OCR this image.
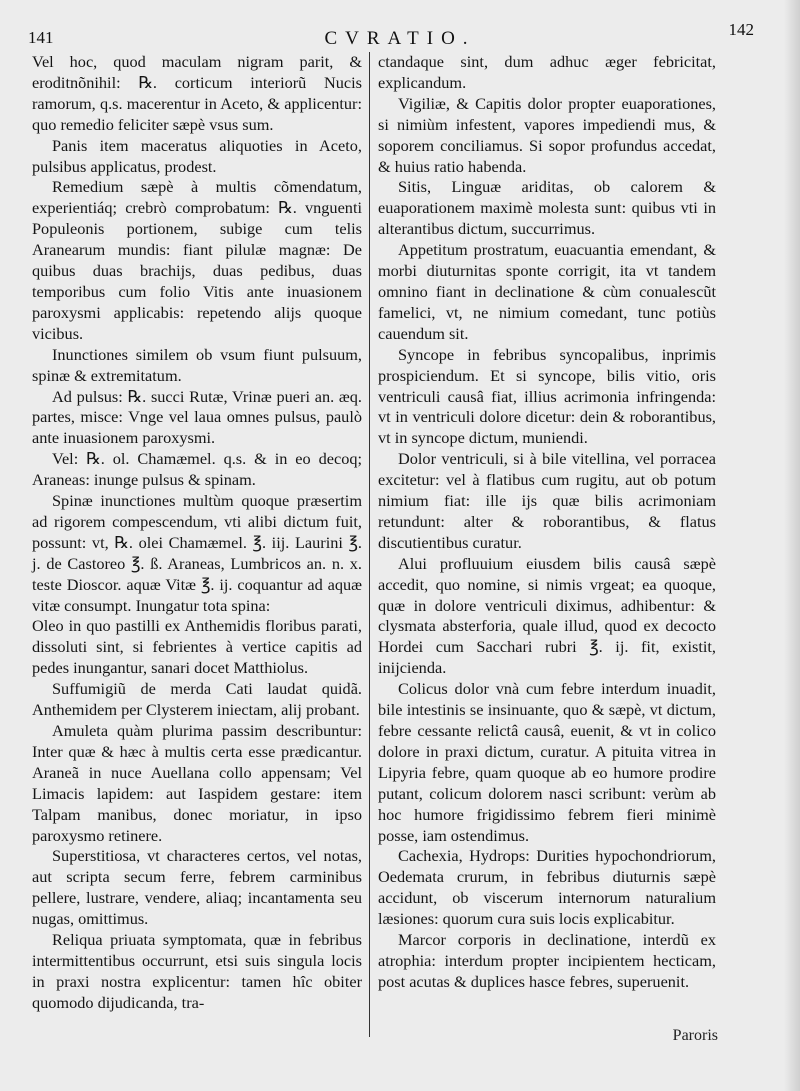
141	CVRATIO.	142

Vel hoc, quod maculam nigram parit, & eroditnõnihil: ℞. corticum interiorũ Nucis ramorum, q.s. macerentur in Aceto, & applicentur: quo remedio feliciter sæpè vsus sum.

Panis item maceratus aliquoties in Aceto, pulsibus applicatus, prodest.

Remedium sæpè à multis cõmendatum, experientiáq; crebrò comprobatum: ℞. vnguenti Populeonis portionem, subige cum telis Aranearum mundis: fiant pilulæ magnæ: De quibus duas brachijs, duas pedibus, duas temporibus cum folio Vitis ante inuasionem paroxysmi applicabis: repetendo alijs quoque vicibus.

Inunctiones similem ob vsum fiunt pulsuum, spinæ & extremitatum.

Ad pulsus: ℞. succi Rutæ, Vrinæ pueri an. æq. partes, misce: Vnge vel laua omnes pulsus, paulò ante inuasionem paroxysmi.

Vel: ℞. ol. Chamæmel. q.s. & in eo decoq; Araneas: inunge pulsus & spinam.

Spinæ inunctiones multùm quoque præsertim ad rigorem compescendum, vti alibi dictum fuit, possunt: vt, ℞. olei Chamæmel. ℥. iij. Laurini ℥. j. de Castoreo ℥. ß. Araneas, Lumbricos an. n. x. teste Dioscor. aquæ Vitæ ℥. ij. coquantur ad aquæ vitæ consumpt. Inungatur tota spina:

Oleo in quo pastilli ex Anthemidis floribus parati, dissoluti sint, si febrientes à vertice capitis ad pedes inungantur, sanari docet Matthiolus.

Suffumigiũ de merda Cati laudat quidã. Anthemidem per Clysterem iniectam, alij probant.

Amuleta quàm plurima passim describuntur: Inter quæ & hæc à multis certa esse prædicantur. Araneã in nuce Auellana collo appensam; Vel Limacis lapidem: aut Iaspidem gestare: item Talpam manibus, donec moriatur, in ipso paroxysmo retinere.

Superstitiosa, vt characteres certos, vel notas, aut scripta secum ferre, febrem carminibus pellere, lustrare, vendere, aliaq; incantamenta seu nugas, omittimus.

Reliqua priuata symptomata, quæ in febribus intermittentibus occurrunt, etsi suis singula locis in praxi nostra explicentur: tamen hîc obiter quomodo dijudicanda, tra-

ctandaque sint, dum adhuc æger febricitat, explicandum.

Vigiliæ, & Capitis dolor propter euaporationes, si nimiùm infestent, vapores impediendi mus, & soporem conciliamus. Si sopor profundus accedat, & huius ratio habenda.

Sitis, Linguæ ariditas, ob calorem & euaporationem maximè molesta sunt: quibus vti in alterantibus dictum, succurrimus.

Appetitum prostratum, euacuantia emendant, & morbi diuturnitas sponte corrigit, ita vt tandem omnino fiant in declinatione & cùm conualescũt famelici, vt, ne nimium comedant, tunc potiùs cauendum sit.

Syncope in febribus syncopalibus, inprimis prospiciendum. Et si syncope, bilis vitio, oris ventriculi causâ fiat, illius acrimonia infringenda: vt in ventriculi dolore dicetur: dein & roborantibus, vt in syncope dictum, muniendi.

Dolor ventriculi, si à bile vitellina, vel porracea excitetur: vel à flatibus cum rugitu, aut ob potum nimium fiat: ille ijs quæ bilis acrimoniam retundunt: alter & roborantibus, & flatus discutientibus curatur.

Alui profluuium eiusdem bilis causâ sæpè accedit, quo nomine, si nimis vrgeat; ea quoque, quæ in dolore ventriculi diximus, adhibentur: & clysmata absterforia, quale illud, quod ex decocto Hordei cum Sacchari rubri ℥. ij. fit, existit, inijcienda.

Colicus dolor vnà cum febre interdum inuadit, bile intestinis se insinuante, quo & sæpè, vt dictum, febre cessante relictâ causâ, euenit, & vt in colico dolore in praxi dictum, curatur. A pituita vitrea in Lipyria febre, quam quoque ab eo humore prodire putant, colicum dolorem nasci scribunt: verùm ab hoc humore frigidissimo febrem fieri minimè posse, iam ostendimus.

Cachexia, Hydrops: Durities hypochondriorum, Oedemata crurum, in febribus diuturnis sæpè accidunt, ob viscerum internorum naturalium læsiones: quorum cura suis locis explicabitur.

Marcor corporis in declinatione, interdũ ex atrophia: interdum propter incipientem hecticam, post acutas & duplices hasce febres, superuenit.

Paroris
